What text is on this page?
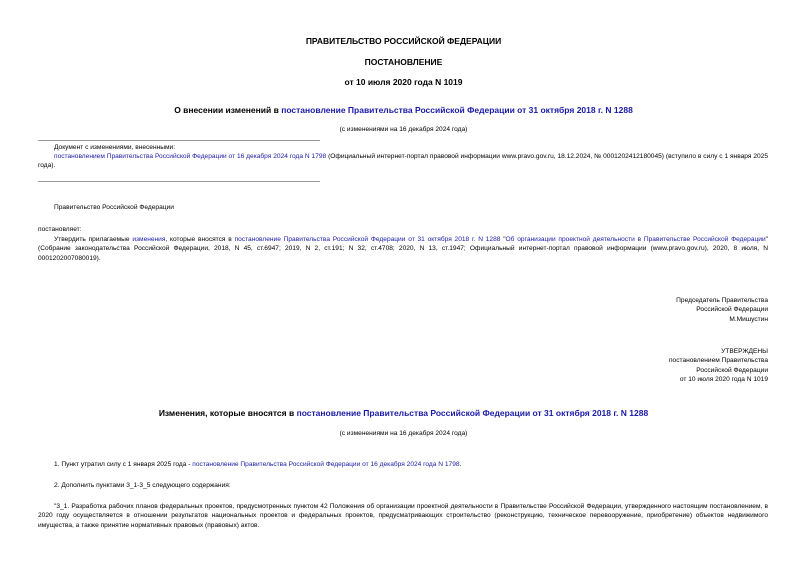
ПРАВИТЕЛЬСТВО РОССИЙСКОЙ ФЕДЕРАЦИИ
ПОСТАНОВЛЕНИЕ
от 10 июля 2020 года N 1019
О внесении изменений в постановление Правительства Российской Федерации от 31 октября 2018 г. N 1288
(с изменениями на 16 декабря 2024 года)
Документ с изменениями, внесенными:
постановлением Правительства Российской Федерации от 16 декабря 2024 года N 1798 (Официальный интернет-портал правовой информации www.pravo.gov.ru, 18.12.2024, № 0001202412180045) (вступило в силу с 1 января 2025 года).
Правительство Российской Федерации
постановляет:
Утвердить прилагаемые изменения, которые вносятся в постановление Правительства Российской Федерации от 31 октября 2018 г. N 1288 "Об организации проектной деятельности в Правительстве Российской Федерации" (Собрание законодательства Российской Федерации, 2018, N 45, ст.6947; 2019, N 2, ст.191; N 32, ст.4708; 2020, N 13, ст.1947; Официальный интернет-портал правовой информации (www.pravo.gov.ru), 2020, 8 июля, N 0001202007080019).
Председатель Правительства
Российской Федерации
М.Мишустин
УТВЕРЖДЕНЫ
постановлением Правительства
Российской Федерации
от 10 июля 2020 года N 1019
Изменения, которые вносятся в постановление Правительства Российской Федерации от 31 октября 2018 г. N 1288
(с изменениями на 16 декабря 2024 года)
1. Пункт утратил силу с 1 января 2025 года - постановление Правительства Российской Федерации от 16 декабря 2024 года N 1798.
2. Дополнить пунктами 3_1-3_5 следующего содержания:
"3_1. Разработка рабочих планов федеральных проектов, предусмотренных пунктом 42 Положения об организации проектной деятельности в Правительстве Российской Федерации, утвержденного настоящим постановлением, в 2020 году осуществляется в отношении результатов национальных проектов и федеральных проектов, предусматривающих строительство (реконструкцию, техническое перевооружение, приобретение) объектов недвижимого имущества, а также принятие нормативных правовых (правовых) актов.
